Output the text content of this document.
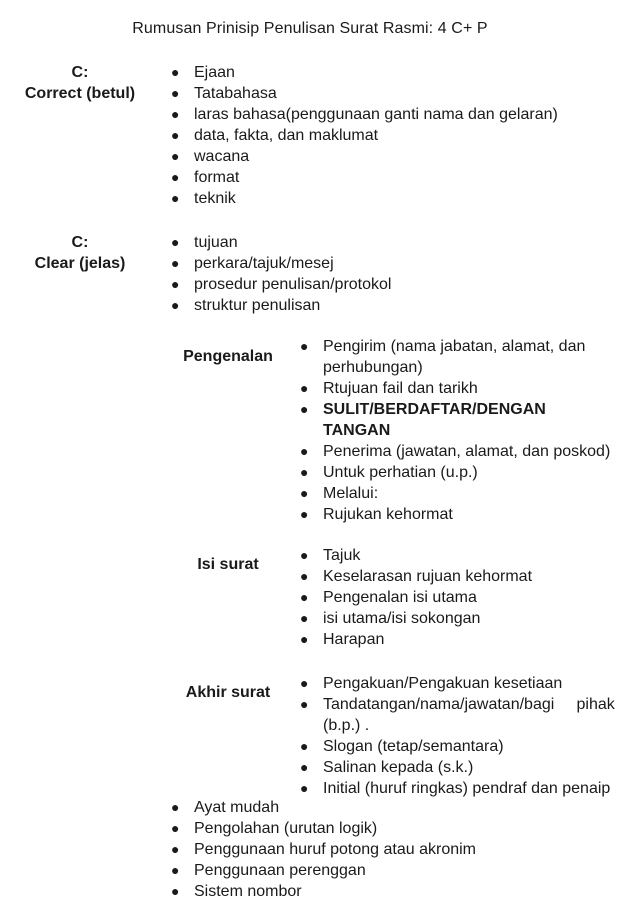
Rumusan Prinisip Penulisan Surat Rasmi: 4 C+ P
C:
Correct (betul)
● Ejaan
● Tatabahasa
● laras bahasa(penggunaan ganti nama dan gelaran)
● data, fakta, dan maklumat
● wacana
● format
● teknik
C:
Clear (jelas)
● tujuan
● perkara/tajuk/mesej
● prosedur penulisan/protokol
● struktur penulisan
Pengenalan
● Pengirim (nama jabatan, alamat, dan
perhubungan)
● Rtujuan fail dan tarikh
● SULIT/BERDAFTAR/DENGAN
TANGAN
● Penerima (jawatan, alamat, dan poskod)
● Untuk perhatian (u.p.)
● Melalui:
● Rujukan kehormat
Isi surat
● Tajuk
● Keselarasan rujuan kehormat
● Pengenalan isi utama
● isi utama/isi sokongan
● Harapan
Akhir surat
● Pengakuan/Pengakuan kesetiaan
● Tandatangan/nama/jawatan/bagi     pihak
(b.p.) .
● Slogan (tetap/semantara)
● Salinan kepada (s.k.)
● Initial (huruf ringkas) pendraf dan penaip
● Ayat mudah
● Pengolahan (urutan logik)
● Penggunaan huruf potong atau akronim
● Penggunaan perenggan
● Sistem nombor
